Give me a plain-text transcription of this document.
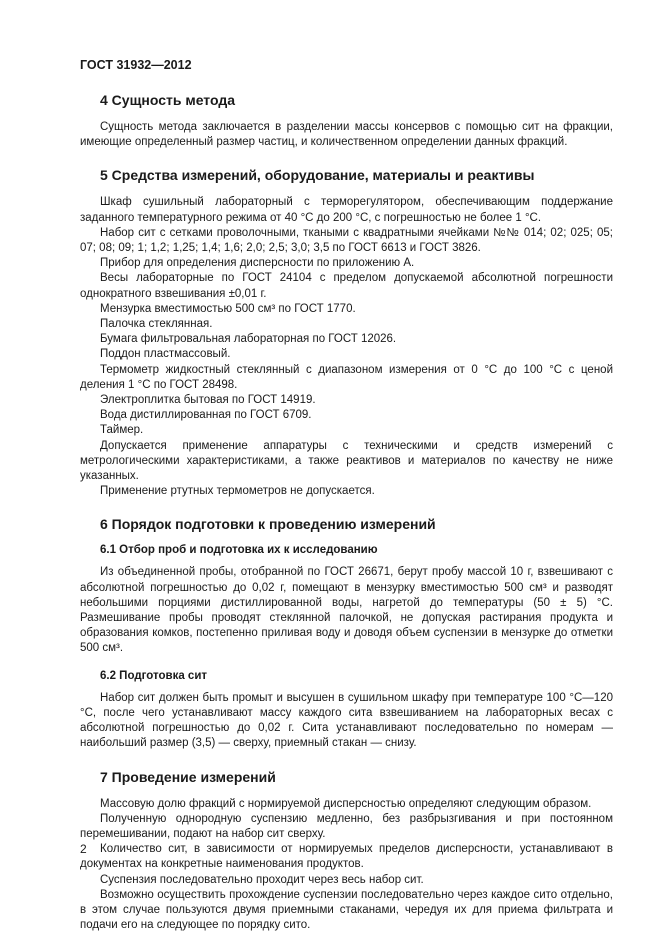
ГОСТ 31932—2012
4 Сущность метода

Сущность метода заключается в разделении массы консервов с помощью сит на фракции, имеющие определенный размер частиц, и количественном определении данных фракций.

5 Средства измерений, оборудование, материалы и реактивы

Шкаф сушильный лабораторный с терморегулятором, обеспечивающим поддержание заданного температурного режима от 40 °С до 200 °С, с погрешностью не более 1 °С.

Набор сит с сетками проволочными, ткаными с квадратными ячейками №№ 014; 02; 025; 05; 07; 08; 09; 1; 1,2; 1,25; 1,4; 1,6; 2,0; 2,5; 3,0; 3,5 по ГОСТ 6613 и ГОСТ 3826.

Прибор для определения дисперсности по приложению А.

Весы лабораторные по ГОСТ 24104 с пределом допускаемой абсолютной погрешности однократного взвешивания ±0,01 г.

Мензурка вместимостью 500 см³ по ГОСТ 1770.

Палочка стеклянная.

Бумага фильтровальная лабораторная по ГОСТ 12026.

Поддон пластмассовый.

Термометр жидкостный стеклянный с диапазоном измерения от 0 °С до 100 °С с ценой деления 1 °С по ГОСТ 28498.

Электроплитка бытовая по ГОСТ 14919.

Вода дистиллированная по ГОСТ 6709.

Таймер.

Допускается применение аппаратуры с техническими и средств измерений с метрологическими характеристиками, а также реактивов и материалов по качеству не ниже указанных.

Применение ртутных термометров не допускается.

6 Порядок подготовки к проведению измерений
6.1 Отбор проб и подготовка их к исследованию

Из объединенной пробы, отобранной по ГОСТ 26671, берут пробу массой 10 г, взвешивают с абсолютной погрешностью до 0,02 г, помещают в мензурку вместимостью 500 см³ и разводят небольшими порциями дистиллированной воды, нагретой до температуры (50 ± 5) °С. Размешивание пробы проводят стеклянной палочкой, не допуская растирания продукта и образования комков, постепенно приливая воду и доводя объем суспензии в мензурке до отметки 500 см³.

6.2 Подготовка сит

Набор сит должен быть промыт и высушен в сушильном шкафу при температуре 100 °С—120 °С, после чего устанавливают массу каждого сита взвешиванием на лабораторных весах с абсолютной погрешностью до 0,02 г. Сита устанавливают последовательно по номерам — наибольший размер (3,5) — сверху, приемный стакан — снизу.

7 Проведение измерений

Массовую долю фракций с нормируемой дисперсностью определяют следующим образом.

Полученную однородную суспензию медленно, без разбрызгивания и при постоянном перемешивании, подают на набор сит сверху.

Количество сит, в зависимости от нормируемых пределов дисперсности, устанавливают в документах на конкретные наименования продуктов.

Суспензия последовательно проходит через весь набор сит.

Возможно осуществить прохождение суспензии последовательно через каждое сито отдельно, в этом случае пользуются двумя приемными стаканами, чередуя их для приема фильтрата и подачи его на следующее по порядку сито.

2
